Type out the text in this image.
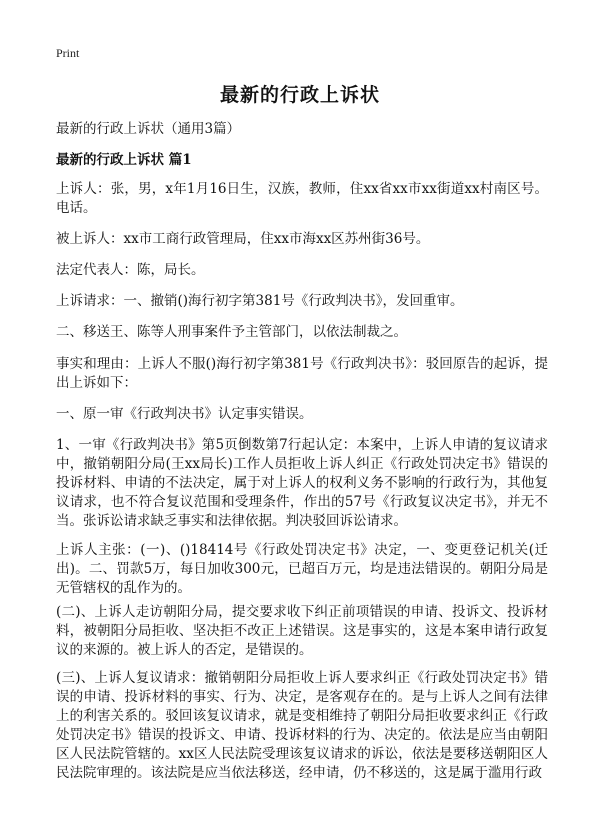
Print
最新的行政上诉状

最新的行政上诉状（通用3篇）

最新的行政上诉状 篇1

上诉人：张，男，x年1月16日生，汉族，教师，住xx省xx市xx街道xx村南区号。电话。

被上诉人：xx市工商行政管理局，住xx市海xx区苏州街36号。

法定代表人：陈，局长。

上诉请求：一、撤销()海行初字第381号《行政判决书》，发回重审。

二、移送王、陈等人刑事案件予主管部门，以依法制裁之。

事实和理由：上诉人不服()海行初字第381号《行政判决书》：驳回原告的起诉，提出上诉如下：

一、原一审《行政判决书》认定事实错误。

1、一审《行政判决书》第5页倒数第7行起认定：本案中，上诉人申请的复议请求中，撤销朝阳分局(王xx局长)工作人员拒收上诉人纠正《行政处罚决定书》错误的投诉材料、申请的不法决定，属于对上诉人的权利义务不影响的行政行为，其他复议请求，也不符合复议范围和受理条件，作出的57号《行政复议决定书》，并无不当。张诉讼请求缺乏事实和法律依据。判决驳回诉讼请求。

上诉人主张：(一)、()18414号《行政处罚决定书》决定，一、变更登记机关(迁出)。二、罚款5万，每日加收300元，已超百万元，均是违法错误的。朝阳分局是无管辖权的乱作为的。

(二)、上诉人走访朝阳分局，提交要求收下纠正前项错误的申请、投诉文、投诉材料，被朝阳分局拒收、坚决拒不改正上述错误。这是事实的，这是本案申请行政复议的来源的。被上诉人的否定，是错误的。

(三)、上诉人复议请求：撤销朝阳分局拒收上诉人要求纠正《行政处罚决定书》错误的申请、投诉材料的事实、行为、决定，是客观存在的。是与上诉人之间有法律上的利害关系的。驳回该复议请求，就是变相维持了朝阳分局拒收要求纠正《行政处罚决定书》错误的投诉文、申请、投诉材料的行为、决定的。依法是应当由朝阳区人民法院管辖的。xx区人民法院受理该复议请求的诉讼，依法是要移送朝阳区人民法院审理的。该法院是应当依法移送，经申请，仍不移送的，这是属于滥用行政
